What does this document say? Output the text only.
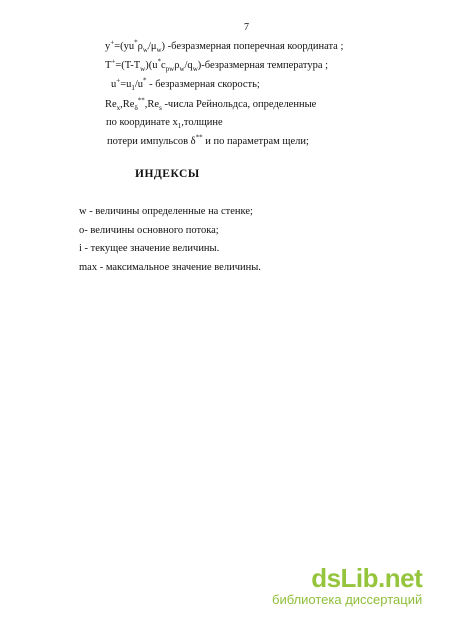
7
$y^+=(yu^*\rho_w/\mu_w)$ -безразмерная поперечная координата ;
$T^+=(T-T_w)(u^*c_{pw}\rho_w/q_w)$-безразмерная температура ;
$u^+=u_1/u^*$ - безразмерная скорость;
$Re_x,Re_\delta^{**},Re_s$ -числа Рейнольдса, определенные
по координате $x_1,толщине$
потери импульсов δ** и по параметрам щели;
ИНДЕКСЫ
w - величины определенные на стенке;
o- величины основного потока;
i - текущее значение величины.
max - максимальное значение величины.
dsLib.net
библиотека диссертаций
